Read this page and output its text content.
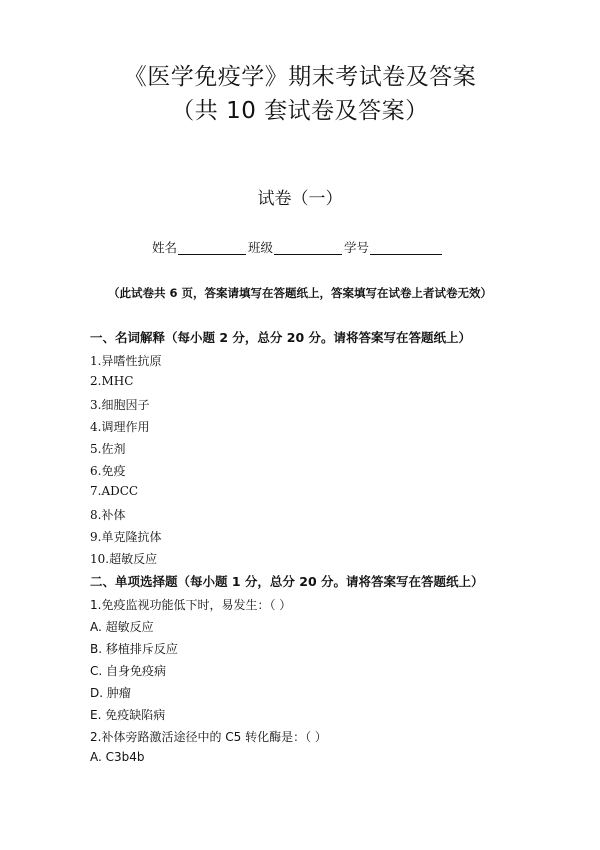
《医学免疫学》期末考试卷及答案
（共 10 套试卷及答案）
试卷（一）
姓名	班级	学号
（此试卷共 6 页，答案请填写在答题纸上，答案填写在试卷上者试卷无效）
一、名词解释（每小题 2 分，总分 20 分。请将答案写在答题纸上）
1.异嗜性抗原
2.MHC
3.细胞因子
4.调理作用
5.佐剂
6.免疫
7.ADCC
8.补体
9.单克隆抗体
10.超敏反应
二、单项选择题（每小题 1 分，总分 20 分。请将答案写在答题纸上）
1.免疫监视功能低下时，易发生：（ ）
A. 超敏反应
B. 移植排斥反应
C. 自身免疫病
D. 肿瘤
E. 免疫缺陷病
2.补体旁路激活途径中的 C5 转化酶是：（ ）
A. C3b4b
